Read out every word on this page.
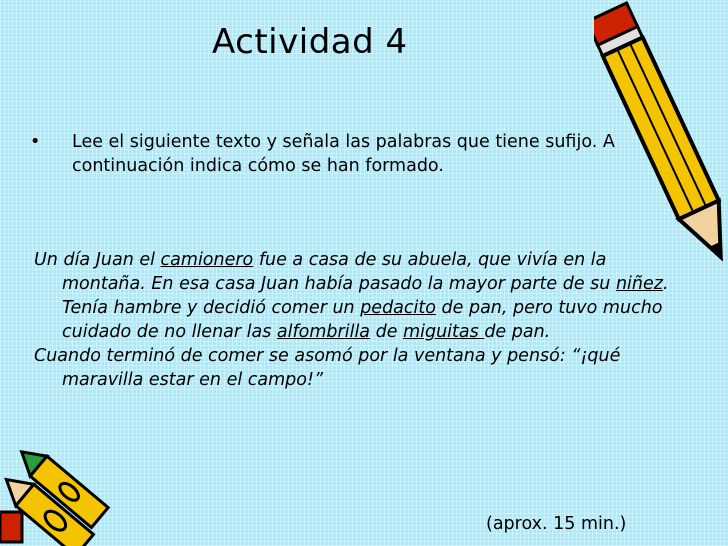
Actividad 4
• Lee el siguiente texto y señala las palabras que tiene sufijo. A continuación indica cómo se han formado.

Un día Juan el camionero fue a casa de su abuela, que vivía en la montaña. En esa casa Juan había pasado la mayor parte de su niñez. Tenía hambre y decidió comer un pedacito de pan, pero tuvo mucho cuidado de no llenar las alfombrilla de miguitas de pan.

Cuando terminó de comer se asomó por la ventana y pensó: “¡qué maravilla estar en el campo!”

(aprox. 15 min.)
